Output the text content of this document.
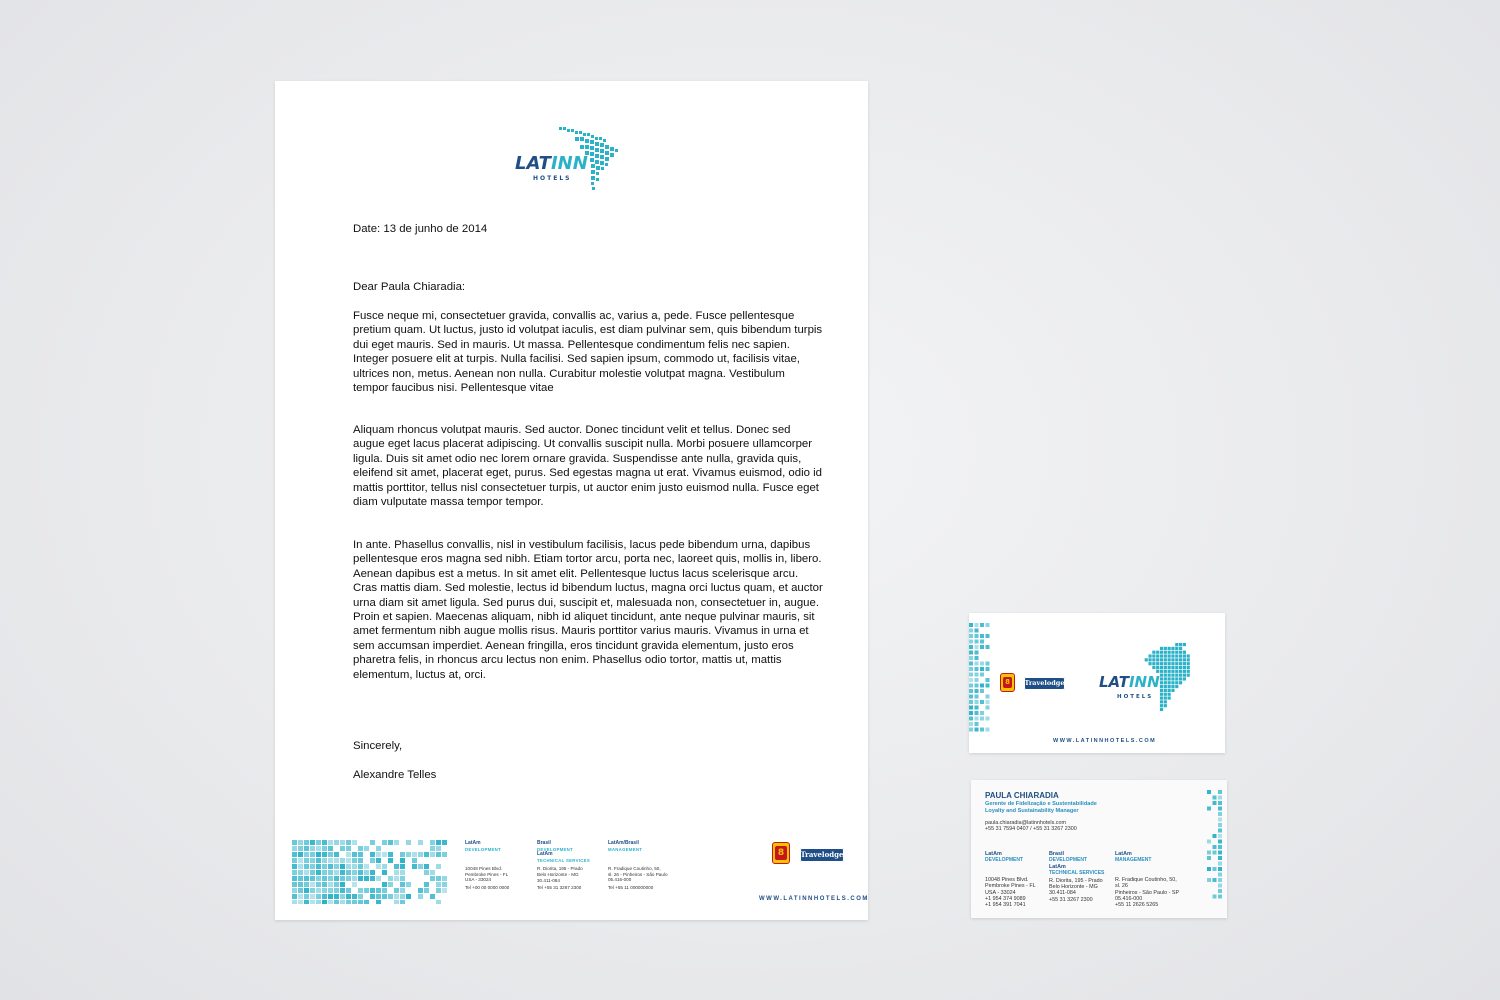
LATINN
HOTELS
Date: 13 de junho de 2014
Dear Paula Chiaradia:
Fusce neque mi, consectetuer gravida, convallis ac, varius a, pede. Fusce pellentesque pretium quam. Ut luctus, justo id volutpat iaculis, est diam pulvinar sem, quis bibendum turpis dui eget mauris. Sed in mauris. Ut massa. Pellentesque condimentum felis nec sapien. Integer posuere elit at turpis. Nulla facilisi. Sed sapien ipsum, commodo ut, facilisis vitae, ultrices non, metus. Aenean non nulla. Curabitur molestie volutpat magna. Vestibulum tempor faucibus nisi. Pellentesque vitae
Aliquam rhoncus volutpat mauris. Sed auctor. Donec tincidunt velit et tellus. Donec sed augue eget lacus placerat adipiscing. Ut convallis suscipit nulla. Morbi posuere ullamcorper ligula. Duis sit amet odio nec lorem ornare gravida. Suspendisse ante nulla, gravida quis, eleifend sit amet, placerat eget, purus. Sed egestas magna ut erat. Vivamus euismod, odio id mattis porttitor, tellus nisl consectetuer turpis, ut auctor enim justo euismod nulla. Fusce eget diam vulputate massa tempor tempor.
In ante. Phasellus convallis, nisl in vestibulum facilisis, lacus pede bibendum urna, dapibus pellentesque eros magna sed nibh. Etiam tortor arcu, porta nec, laoreet quis, mollis in, libero. Aenean dapibus est a metus. In sit amet elit. Pellentesque luctus lacus scelerisque arcu. Cras mattis diam. Sed molestie, lectus id bibendum luctus, magna orci luctus quam, et auctor urna diam sit amet ligula. Sed purus dui, suscipit et, malesuada non, consectetuer in, augue. Proin et sapien. Maecenas aliquam, nibh id aliquet tincidunt, ante neque pulvinar mauris, sit amet fermentum nibh augue mollis risus. Mauris porttitor varius mauris. Vivamus in urna et sem accumsan imperdiet. Aenean fringilla, eros tincidunt gravida elementum, justo eros pharetra felis, in rhoncus arcu lectus non enim. Phasellus odio tortor, mattis ut, mattis elementum, luctus at, orci.
Sincerely,
Alexandre Telles
LatAm
DEVELOPMENT
10048 Pines Blvd.
Pembroke Pines - FL
USA - 33024
Tel +00 00 0000 0000
Brasil
DEVELOPMENT
LatAm
TECHNICAL SERVICES
R. Diorita, 195 - Prado
Belo Horizonte - MG
30.411-084
Tel +55 31 3267 2300
LatAm/Brasil
MANAGEMENT
R. Fradique Coutinho, 50,
sl. 26 - Pinheiros - São Paulo
05.416-000
Tel +55 11 000000000
8	Travelodge
WWW.LATINNHOTELS.COM
8	Travelodge LATINN
HOTELS
WWW.LATINNHOTELS.COM
PAULA CHIARADIA
Gerente de Fidelização e Sustentabilidade
Loyalty and Sustainability Manager
paula.chiaradia@latinnhotels.com
+55 31 7594 0407 / +55 31 3267 2300
LatAm
DEVELOPMENT
10048 Pines Blvd.
Pembroke Pines - FL
USA - 33024
+1 954 374 9089
+1 954 391 7041
Brasil
DEVELOPMENT
LatAm
TECHNICAL SERVICES
R. Diorita, 195 - Prado
Belo Horizonte - MG
30.411-084
+55 31 3267 2300
LatAm
MANAGEMENT
R. Fradique Coutinho, 50,
sl. 26
Pinheiros - São Paulo - SP
05.416-000
+55 11 2626 5265
